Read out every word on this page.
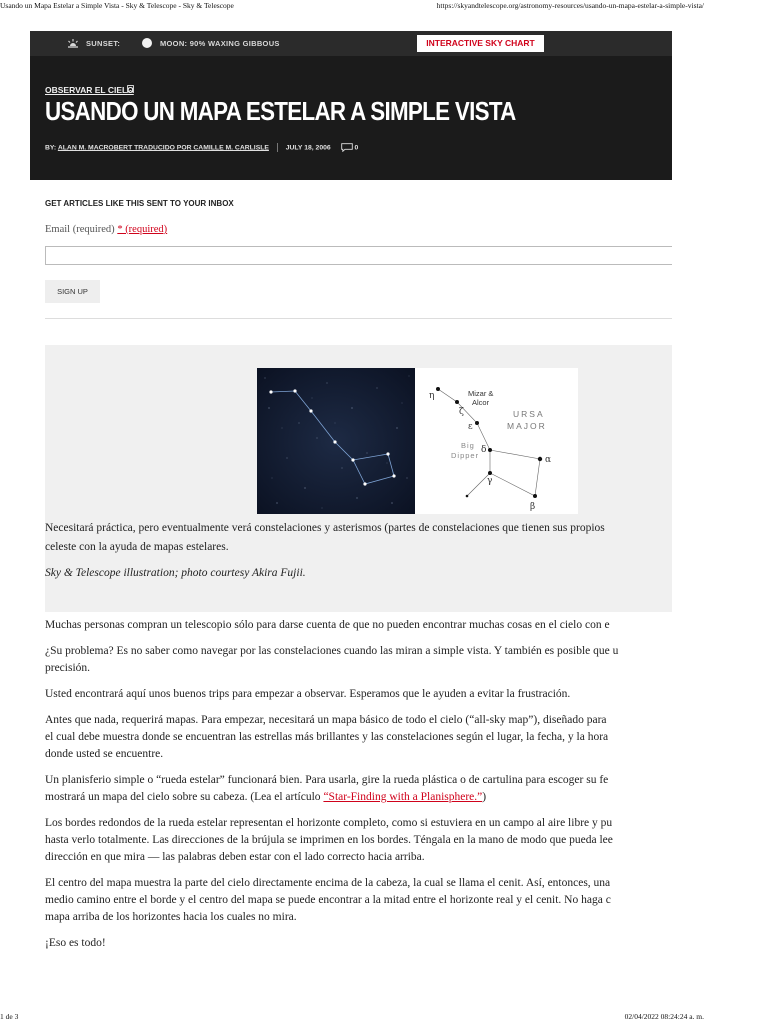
Usando un Mapa Estelar a Simple Vista - Sky & Telescope - Sky & Telescope	https://skyandtelescope.org/astronomy-resources/usando-un-mapa-estelar-a-simple-vista/
SUNSET:	MOON: 90% WAXING GIBBOUS	INTERACTIVE SKY CHART
OBSERVAR EL CIELO
USANDO UN MAPA ESTELAR A SIMPLE VISTA
BY: ALAN M. MACROBERT TRADUCIDO POR CAMILLE M. CARLISLE JULY 18, 2006	0
GET ARTICLES LIKE THIS SENT TO YOUR INBOX
Email (required) * (required)
SIGN UP
η
ζ
ε
δ
α
γ
β
Mizar &
Alcor
URSA
MAJOR
Big
Dipper
Necesitará práctica, pero eventualmente verá constelaciones y asterismos (partes de constelaciones que tienen sus propios
celeste con la ayuda de mapas estelares.
Sky & Telescope illustration; photo courtesy Akira Fujii.

Muchas personas compran un telescopio sólo para darse cuenta de que no pueden encontrar muchas cosas en el cielo con e

¿Su problema? Es no saber como navegar por las constelaciones cuando las miran a simple vista. Y también es posible que u
precisión.

Usted encontrará aquí unos buenos trips para empezar a observar. Esperamos que le ayuden a evitar la frustración.

Antes que nada, requerirá mapas. Para empezar, necesitará un mapa básico de todo el cielo (“all-sky map”), diseñado para
el cual debe muestra donde se encuentran las estrellas más brillantes y las constelaciones según el lugar, la fecha, y la hora
donde usted se encuentre.

Un planisferio simple o “rueda estelar” funcionará bien. Para usarla, gire la rueda plástica o de cartulina para escoger su fe
mostrará un mapa del cielo sobre su cabeza. (Lea el artículo “Star-Finding with a Planisphere.”)

Los bordes redondos de la rueda estelar representan el horizonte completo, como si estuviera en un campo al aire libre y pu
hasta verlo totalmente. Las direcciones de la brújula se imprimen en los bordes. Téngala en la mano de modo que pueda lee
dirección en que mira — las palabras deben estar con el lado correcto hacia arriba.

El centro del mapa muestra la parte del cielo directamente encima de la cabeza, la cual se llama el cenit. Así, entonces, una
medio camino entre el borde y el centro del mapa se puede encontrar a la mitad entre el horizonte real y el cenit. No haga c
mapa arriba de los horizontes hacia los cuales no mira.

¡Eso es todo!

1 de 3	02/04/2022 08:24:24 a. m.
